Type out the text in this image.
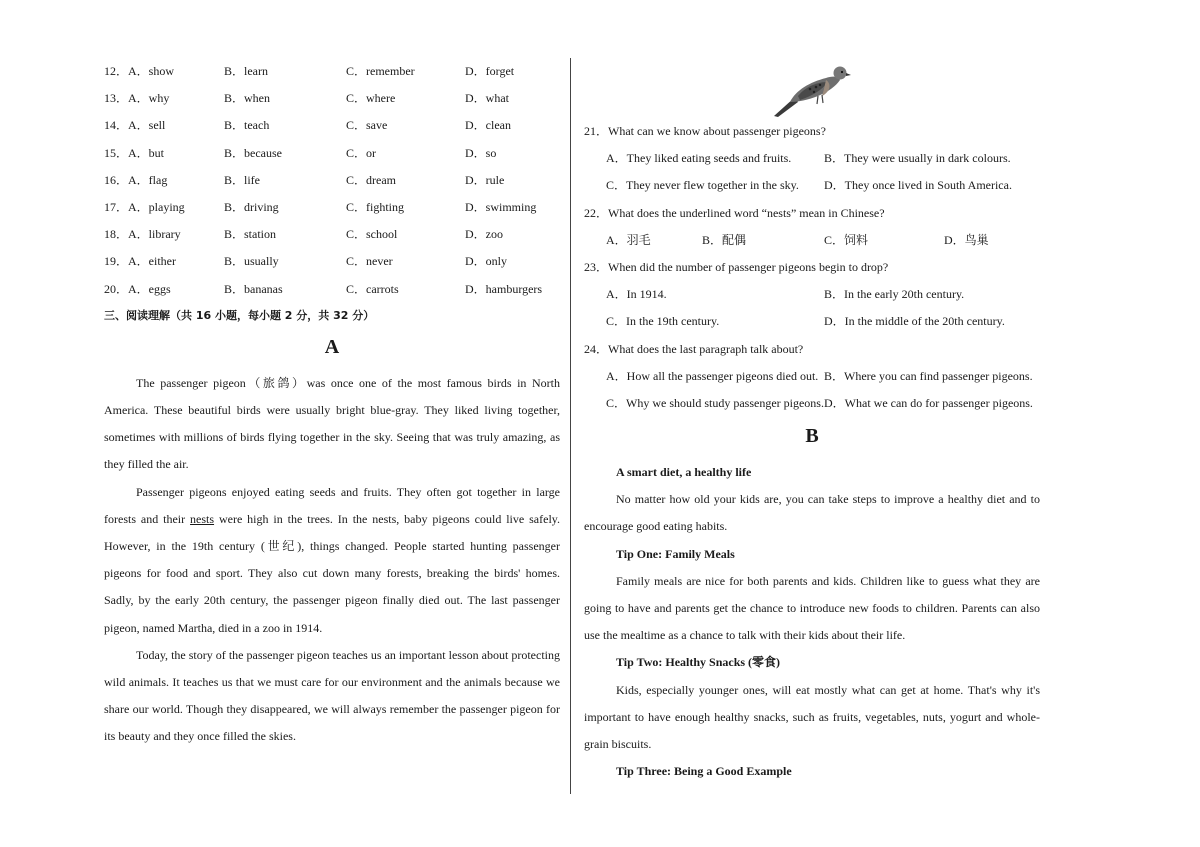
12．A．show	B．learn	C．remember	D．forget
13．A．why	B．when	C．where	D．what
14．A．sell	B．teach	C．save	D．clean
15．A．but	B．because	C．or	D．so
16．A．flag	B．life	C．dream	D．rule
17．A．playing	B．driving	C．fighting	D．swimming
18．A．library	B．station	C．school	D．zoo
19．A．either	B．usually	C．never	D．only
20．A．eggs	B．bananas	C．carrots	D．hamburgers
三、阅读理解（共 16 小题，每小题 2 分，共 32 分）
A

The passenger pigeon（旅鸽）was once one of the most famous birds in North America. These beautiful birds were usually bright blue-gray. They liked living together, sometimes with millions of birds flying together in the sky. Seeing that was truly amazing, as they filled the air.

Passenger pigeons enjoyed eating seeds and fruits. They often got together in large forests and their nests were high in the trees. In the nests, baby pigeons could live safely. However, in the 19th century (世纪), things changed. People started hunting passenger pigeons for food and sport. They also cut down many forests, breaking the birds' homes. Sadly, by the early 20th century, the passenger pigeon finally died out. The last passenger pigeon, named Martha, died in a zoo in 1914.

Today, the story of the passenger pigeon teaches us an important lesson about protecting wild animals. It teaches us that we must care for our environment and the animals because we share our world. Though they disappeared, we will always remember the passenger pigeon for its beauty and they once filled the skies.

21．What can we know about passenger pigeons?
A．They liked eating seeds and fruits.	B．They were usually in dark colours.
C．They never flew together in the sky. D．They once lived in South America.
22．What does the underlined word “nests” mean in Chinese?
A．羽毛	B．配偶	C．饲料	D．鸟巢
23．When did the number of passenger pigeons begin to drop?
A．In 1914.	B．In the early 20th century.
C．In the 19th century.	D．In the middle of the 20th century.
24．What does the last paragraph talk about?
A．How all the passenger pigeons died out. B．Where you can find passenger pigeons.
C．Why we should study passenger pigeons. D．What we can do for passenger pigeons.
B
A smart diet, a healthy life

No matter how old your kids are, you can take steps to improve a healthy diet and to encourage good eating habits.

Tip One: Family Meals

Family meals are nice for both parents and kids. Children like to guess what they are going to have and parents get the chance to introduce new foods to children. Parents can also use the mealtime as a chance to talk with their kids about their life.

Tip Two: Healthy Snacks (零食)

Kids, especially younger ones, will eat mostly what can get at home. That's why it's important to have enough healthy snacks, such as fruits, vegetables, nuts, yogurt and whole-grain biscuits.

Tip Three: Being a Good Example
